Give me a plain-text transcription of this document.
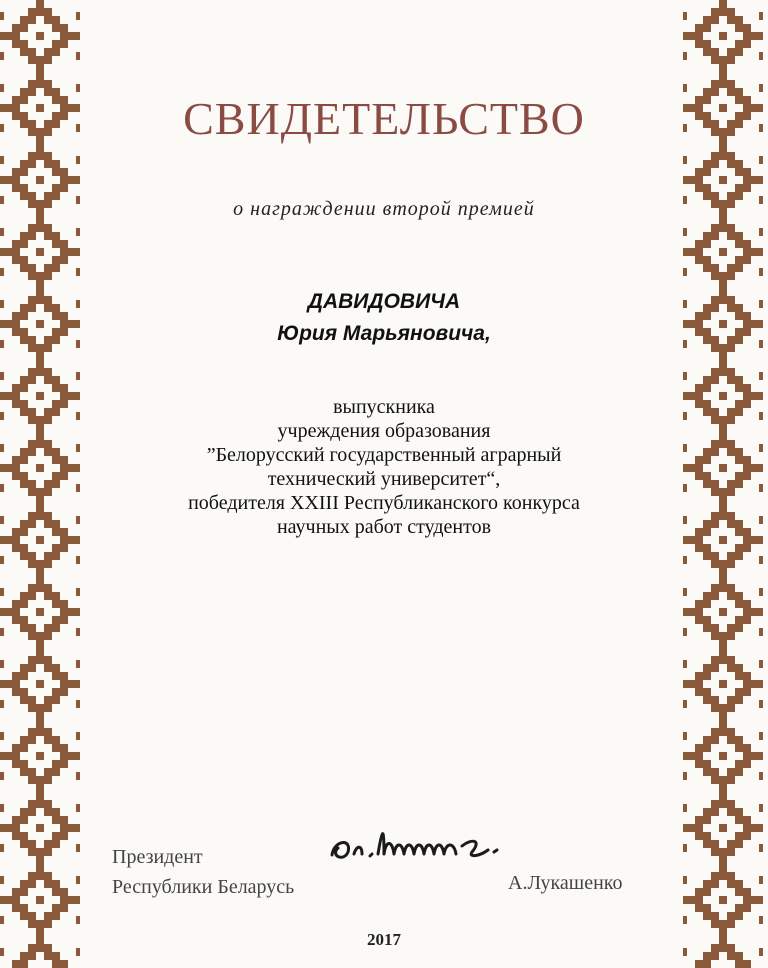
СВИДЕТЕЛЬСТВО
о награждении второй премией
ДАВИДОВИЧА
Юрия Марьяновича,
выпускника
учреждения образования
”Белорусский государственный аграрный
технический университет“,
победителя XXIII Республиканского конкурса
научных работ студентов
Президент
Республики Беларусь	А.Лукашенко
2017
